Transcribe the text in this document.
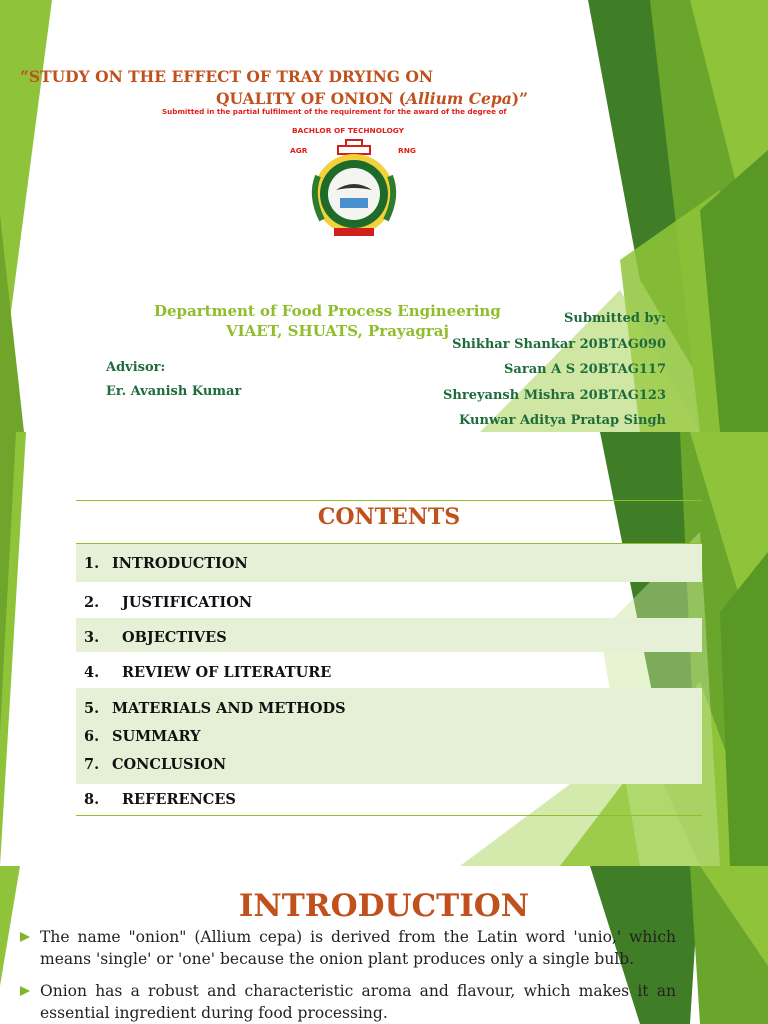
“STUDY ON THE EFFECT OF TRAY DRYING ON
QUALITY OF ONION (Allium Cepa)”
Submitted in the partial fulfilment of the requirement for the award of the degree of
BACHLOR OF TECHNOLOGY
AGR	RNG
Department of Food Process Engineering
VIAET, SHUATS, Prayagraj
Advisor:
Er. Avanish Kumar
Submitted by:
Shikhar Shankar 20BTAG090
Saran A S 20BTAG117
Shreyansh Mishra 20BTAG123
Kunwar Aditya Pratap Singh
CONTENTS
1. INTRODUCTION
2. JUSTIFICATION
3. OBJECTIVES
4. REVIEW OF LITERATURE
5. MATERIALS AND METHODS
6. SUMMARY
7. CONCLUSION
8. REFERENCES
INTRODUCTION
The name "onion" (Allium cepa) is derived from the Latin word 'unio,' which means 'single' or 'one' because the onion plant produces only a single bulb.
Onion has a robust and characteristic aroma and flavour, which makes it an essential ingredient during food processing.
